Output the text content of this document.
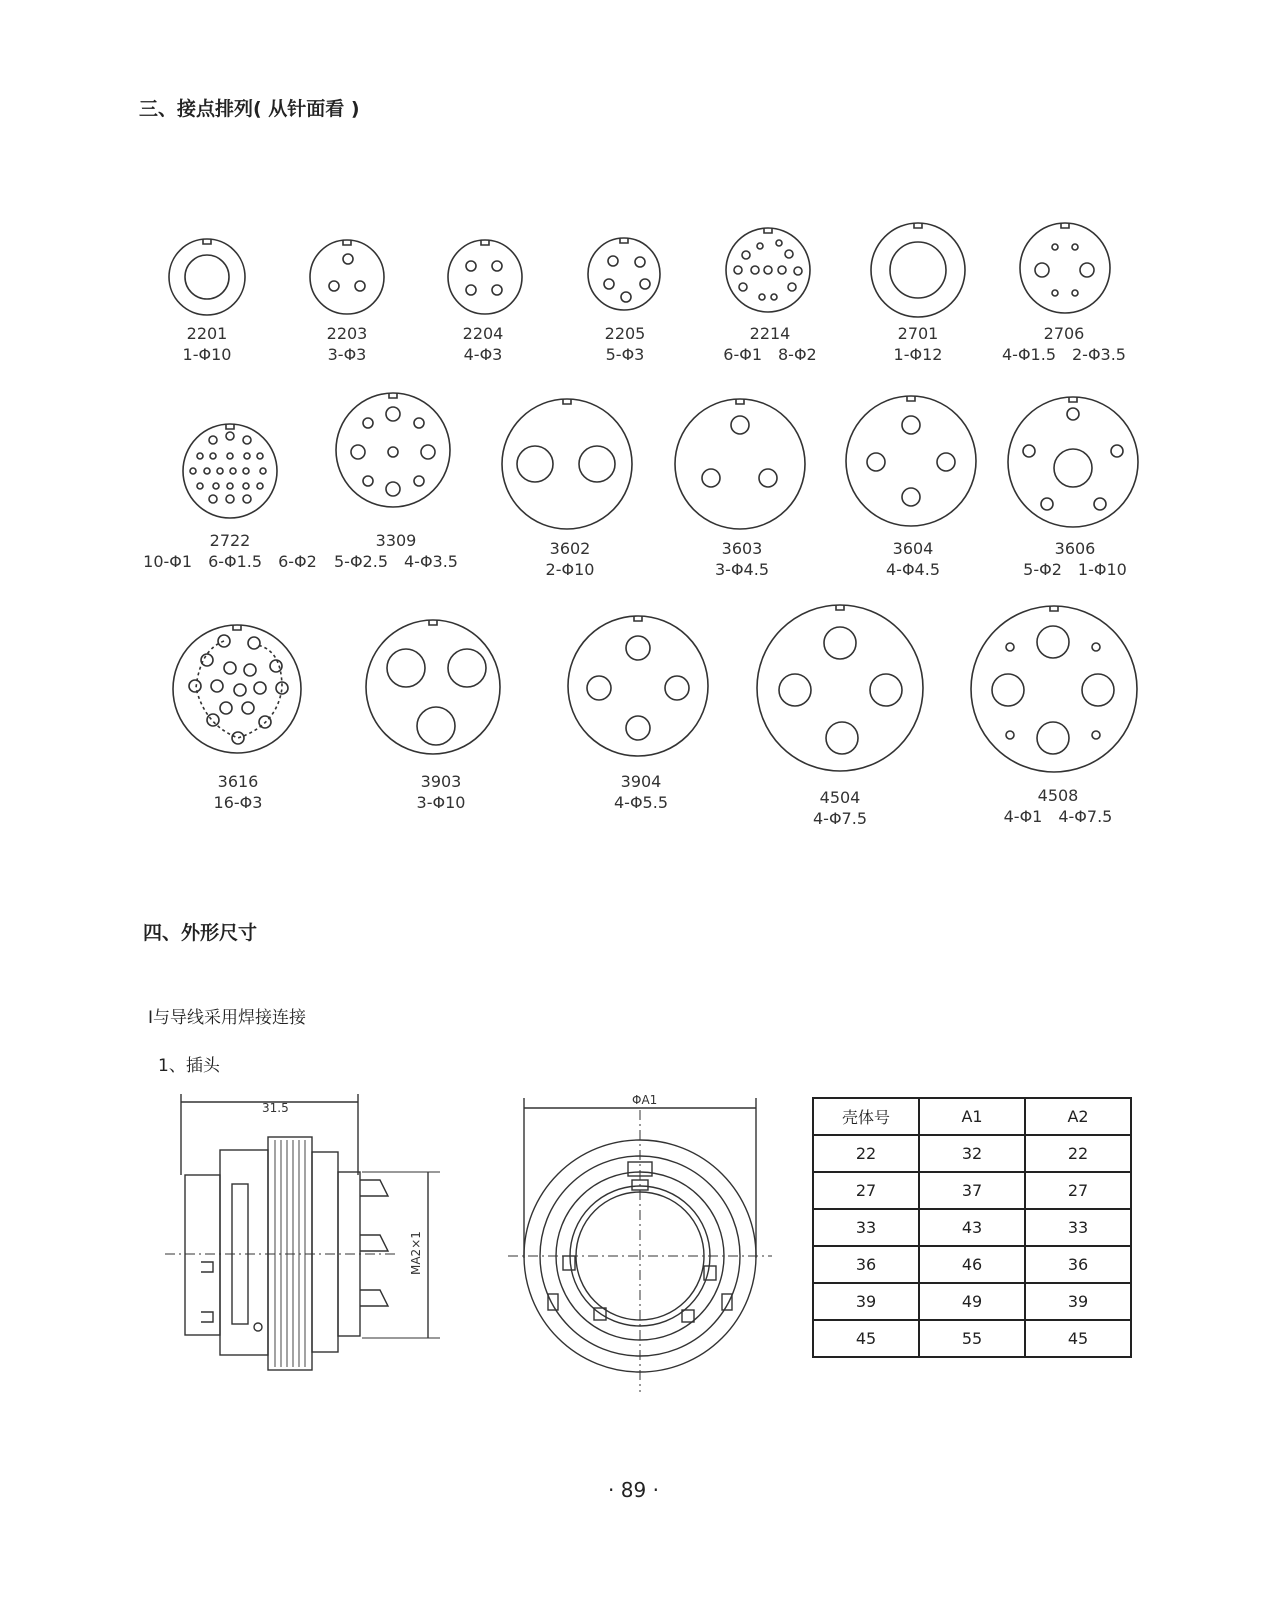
三、接点排列( 从针面看 )
四、外形尺寸
I与导线采用焊接连接
1、插头
2201
1-Φ10
2203
3-Φ3
2204
4-Φ3
2205
5-Φ3
2214
6-Φ1　8-Φ2
2701
1-Φ12
2706
4-Φ1.5　2-Φ3.5
2722
10-Φ1　6-Φ1.5　6-Φ2
3309
5-Φ2.5　4-Φ3.5
3602
2-Φ10
3603
3-Φ4.5
3604
4-Φ4.5
3606
5-Φ2　1-Φ10
3616
16-Φ3
3903
3-Φ10
3904
4-Φ5.5	4504
4-Φ7.5
4508
4-Φ1　4-Φ7.5
31.5
MA2×1
ΦA1
壳体号	A1	A2
22	32	22
27	37	27
33	43	33
36	46	36
39	49	39
45	55	45
· 89 ·
